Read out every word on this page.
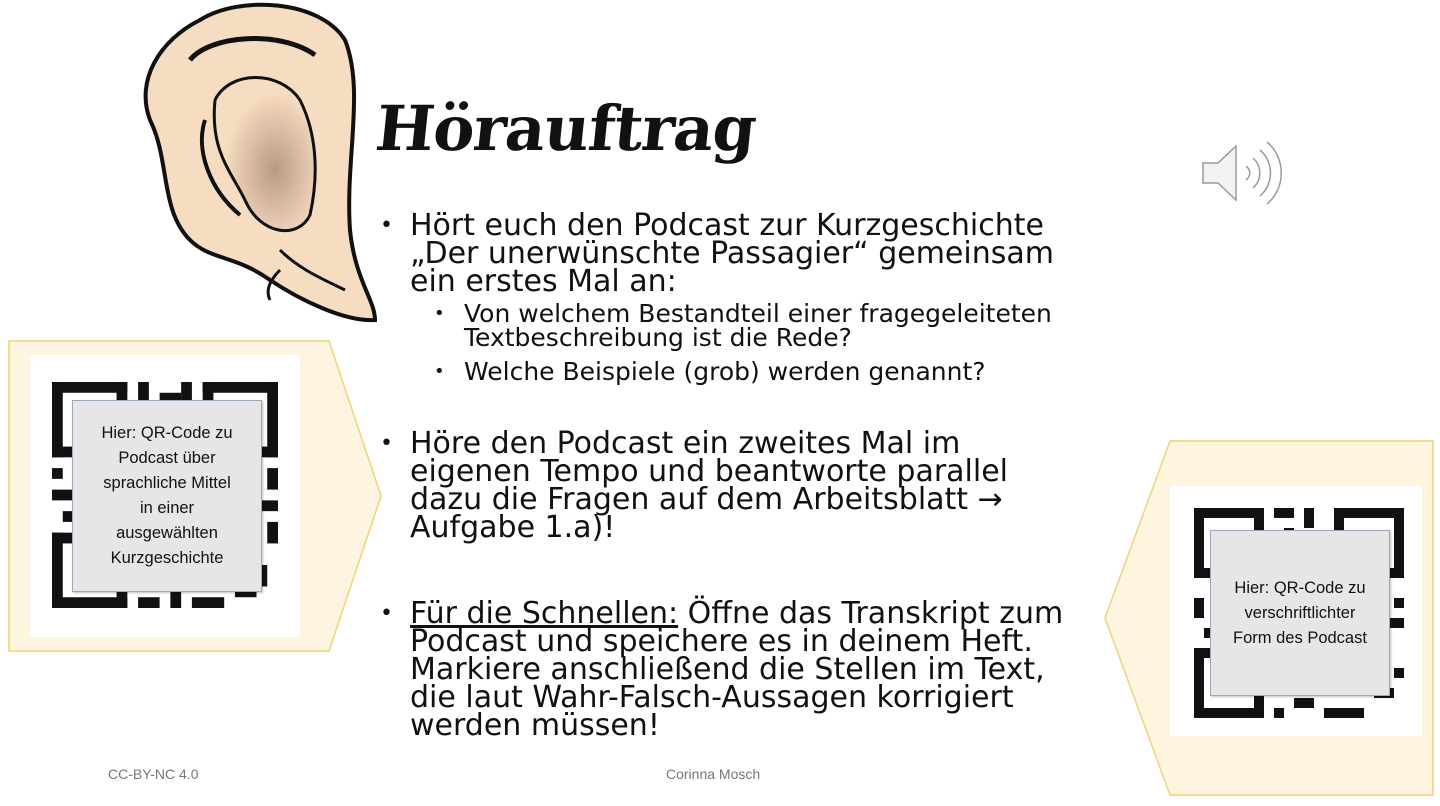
Hörauftrag
• Hört euch den Podcast zur Kurzgeschichte
„Der unerwünschte Passagier“ gemeinsam
ein erstes Mal an:
• Von welchem Bestandteil einer fragegeleiteten
Textbeschreibung ist die Rede?
• Welche Beispiele (grob) werden genannt?
• Höre den Podcast ein zweites Mal im
eigenen Tempo und beantworte parallel
dazu die Fragen auf dem Arbeitsblatt →
Aufgabe 1.a)!
• Für die Schnellen: Öffne das Transkript zum
Podcast und speichere es in deinem Heft.
Markiere anschließend die Stellen im Text,
die laut Wahr-Falsch-Aussagen korrigiert
werden müssen!
Hier: QR-Code zu
Podcast über
sprachliche Mittel
in einer
ausgewählten
Kurzgeschichte
Hier: QR-Code zu
verschriftlichter
Form des Podcast
CC-BY-NC 4.0	Corinna Mosch
